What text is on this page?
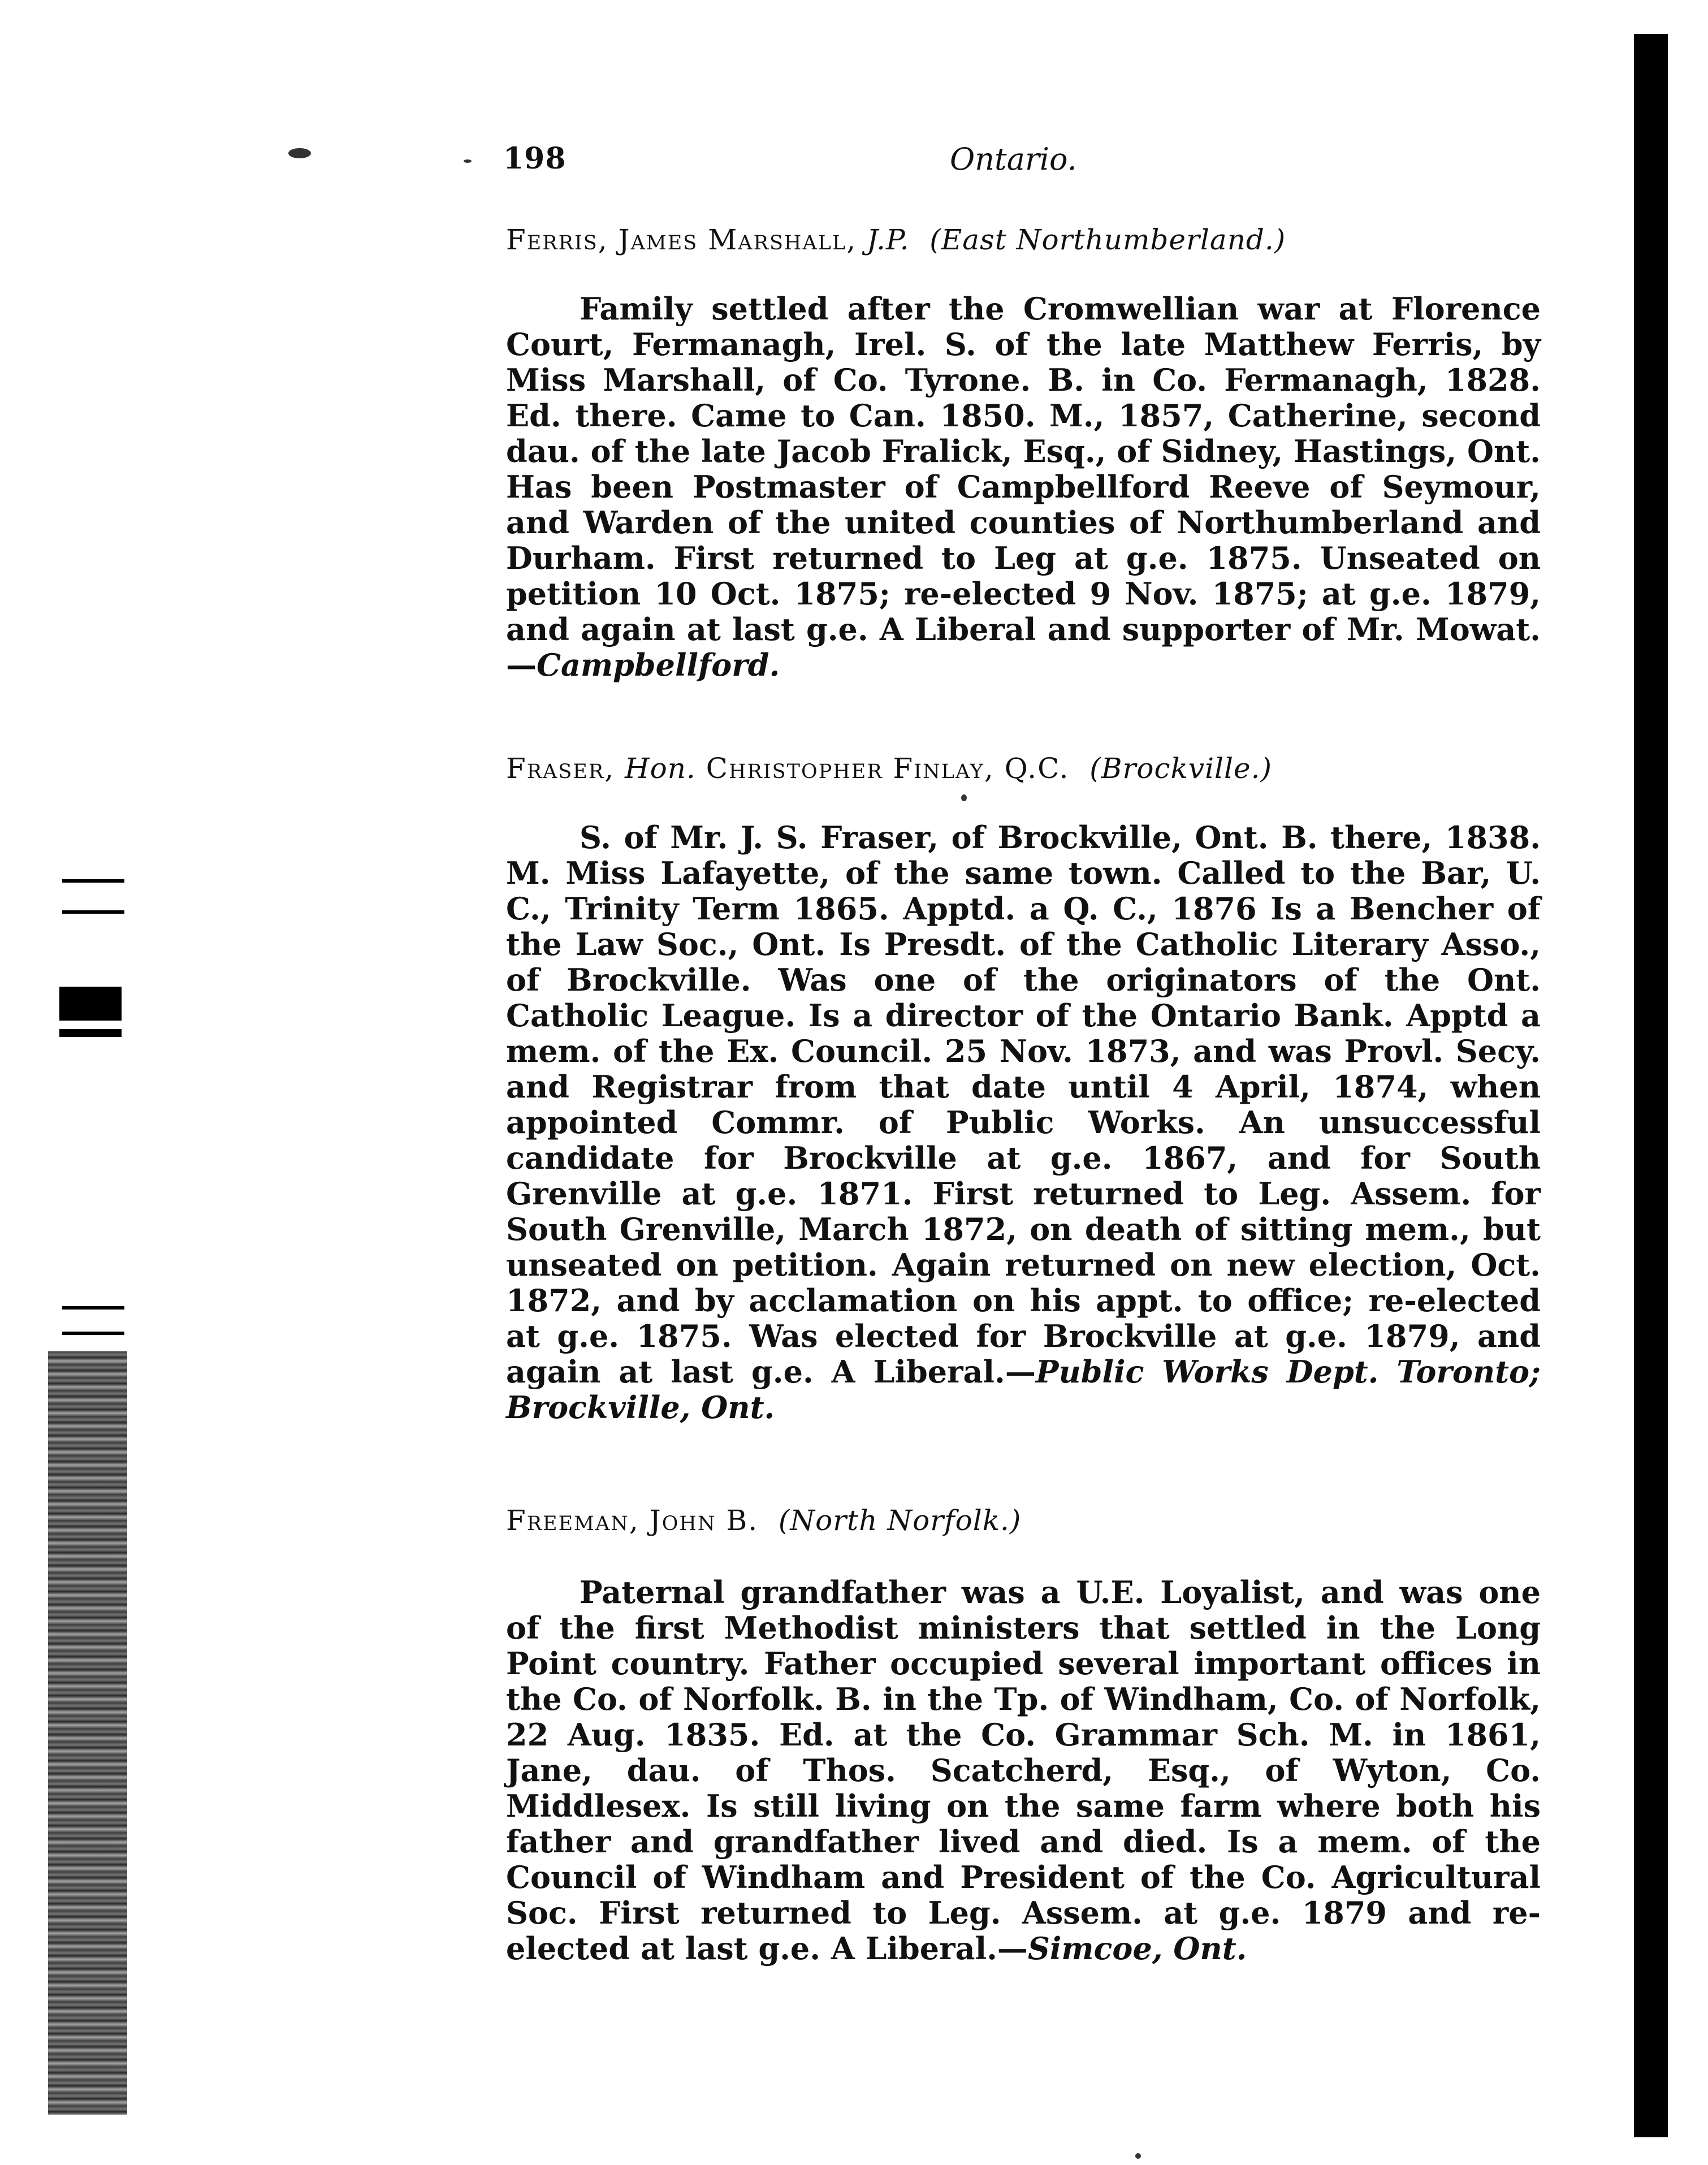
198	Ontario.
Ferris, James Marshall, J.P. (East Northumberland.)

Family settled after the Cromwellian war at Florence Court, Fermanagh, Irel. S. of the late Matthew Ferris, by Miss Marshall, of Co. Tyrone. B. in Co. Fermanagh, 1828. Ed. there. Came to Can. 1850. M., 1857, Catherine, second dau. of the late Jacob Fralick, Esq., of Sidney, Hastings, Ont. Has been Postmaster of Campbellford Reeve of Seymour, and Warden of the united counties of Northumberland and Durham. First returned to Leg at g.e. 1875. Unseated on petition 10 Oct. 1875; re-elected 9 Nov. 1875; at g.e. 1879, and again at last g.e. A Liberal and supporter of Mr. Mowat.—Campbellford.

Fraser, Hon. Christopher Finlay, Q.C. (Brockville.)

S. of Mr. J. S. Fraser, of Brockville, Ont. B. there, 1838. M. Miss Lafayette, of the same town. Called to the Bar, U. C., Trinity Term 1865. Apptd. a Q. C., 1876 Is a Bencher of the Law Soc., Ont. Is Presdt. of the Catholic Literary Asso., of Brockville. Was one of the originators of the Ont. Catholic League. Is a director of the Ontario Bank. Apptd a mem. of the Ex. Council. 25 Nov. 1873, and was Provl. Secy. and Registrar from that date until 4 April, 1874, when appointed Commr. of Public Works. An unsuccessful candidate for Brockville at g.e. 1867, and for South Grenville at g.e. 1871. First returned to Leg. Assem. for South Grenville, March 1872, on death of sitting mem., but unseated on petition. Again returned on new election, Oct. 1872, and by acclamation on his appt. to office; re-elected at g.e. 1875. Was elected for Brockville at g.e. 1879, and again at last g.e. A Liberal.—Public Works Dept. Toronto; Brockville, Ont.

Freeman, John B. (North Norfolk.)

Paternal grandfather was a U.E. Loyalist, and was one of the first Methodist ministers that settled in the Long Point country. Father occupied several important offices in the Co. of Norfolk. B. in the Tp. of Windham, Co. of Norfolk, 22 Aug. 1835. Ed. at the Co. Grammar Sch. M. in 1861, Jane, dau. of Thos. Scatcherd, Esq., of Wyton, Co. Middlesex. Is still living on the same farm where both his father and grandfather lived and died. Is a mem. of the Council of Windham and President of the Co. Agricultural Soc. First returned to Leg. Assem. at g.e. 1879 and re-elected at last g.e. A Liberal.—Simcoe, Ont.
